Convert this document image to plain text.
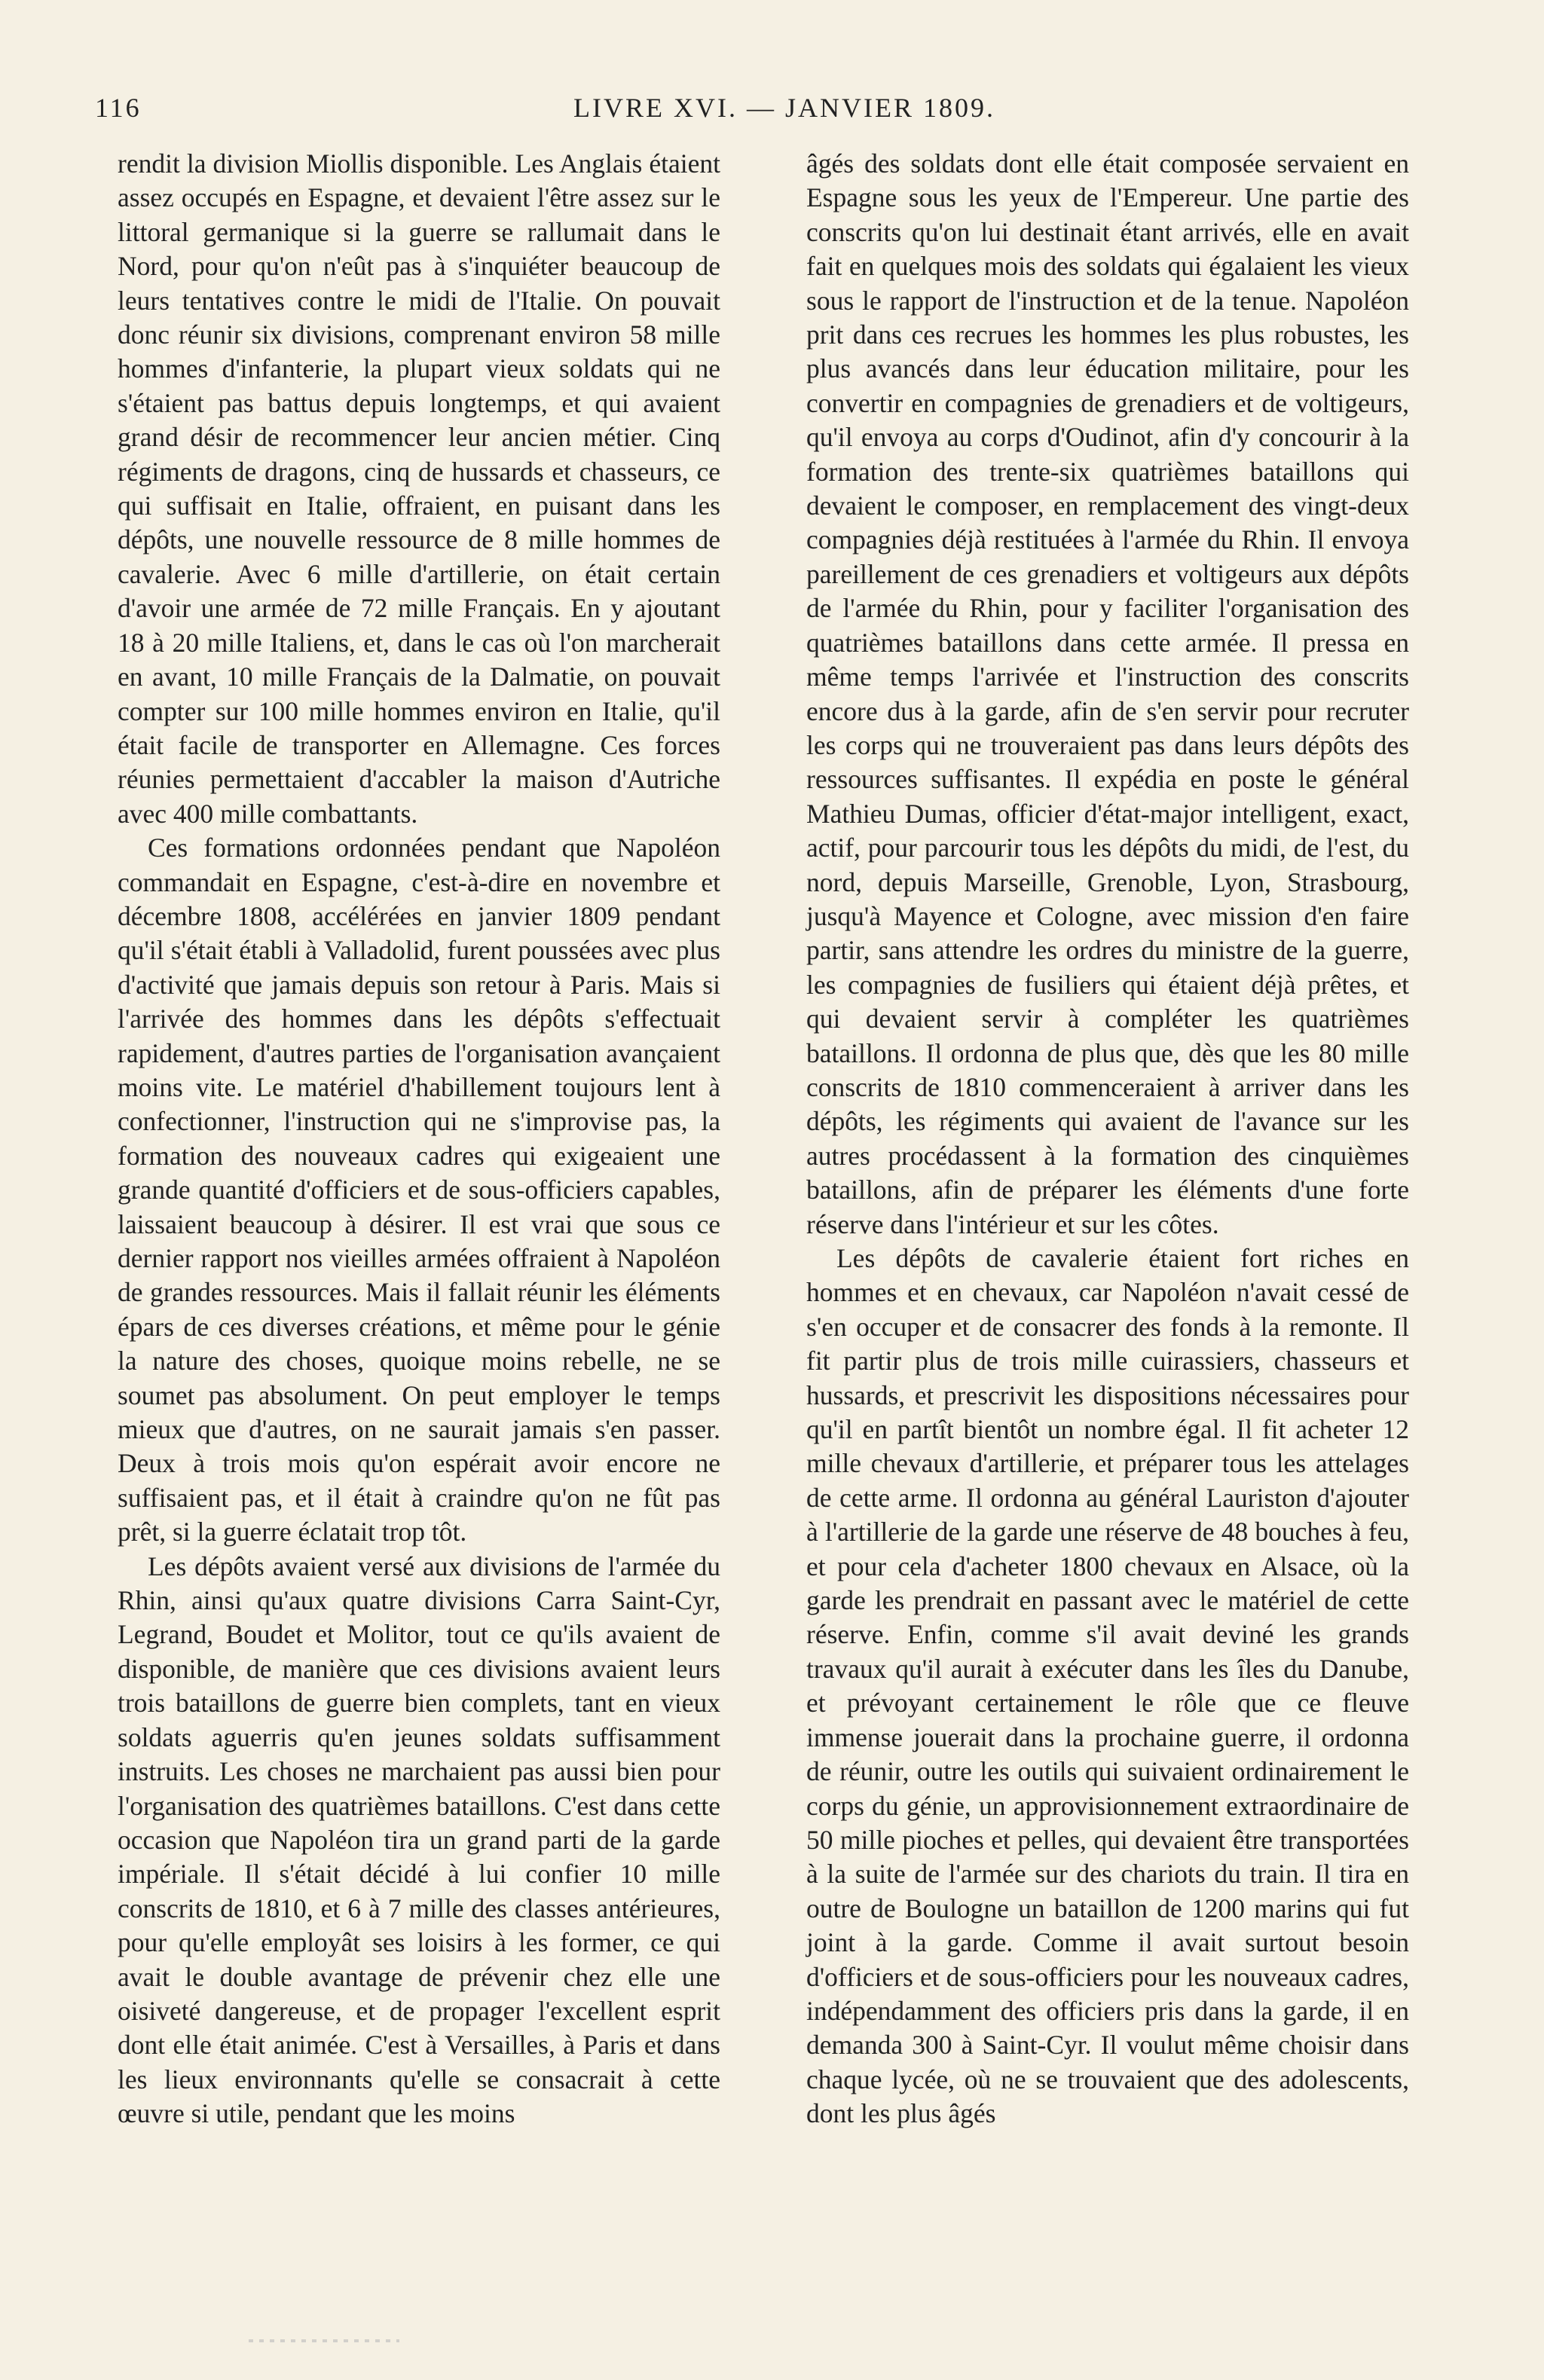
116	LIVRE XVI. — JANVIER 1809.

rendit la division Miollis disponible. Les Anglais étaient assez occupés en Espagne, et devaient l'être assez sur le littoral germanique si la guerre se rallumait dans le Nord, pour qu'on n'eût pas à s'inquiéter beaucoup de leurs tentatives contre le midi de l'Italie. On pouvait donc réunir six divisions, comprenant environ 58 mille hommes d'infanterie, la plupart vieux soldats qui ne s'étaient pas battus depuis longtemps, et qui avaient grand désir de recommencer leur ancien métier. Cinq régiments de dragons, cinq de hussards et chasseurs, ce qui suffisait en Italie, offraient, en puisant dans les dépôts, une nouvelle ressource de 8 mille hommes de cavalerie. Avec 6 mille d'artillerie, on était certain d'avoir une armée de 72 mille Français. En y ajoutant 18 à 20 mille Italiens, et, dans le cas où l'on marcherait en avant, 10 mille Français de la Dalmatie, on pouvait compter sur 100 mille hommes environ en Italie, qu'il était facile de transporter en Allemagne. Ces forces réunies permettaient d'accabler la maison d'Autriche avec 400 mille combattants.

Ces formations ordonnées pendant que Napoléon commandait en Espagne, c'est-à-dire en novembre et décembre 1808, accélérées en janvier 1809 pendant qu'il s'était établi à Valladolid, furent poussées avec plus d'activité que jamais depuis son retour à Paris. Mais si l'arrivée des hommes dans les dépôts s'effectuait rapidement, d'autres parties de l'organisation avançaient moins vite. Le matériel d'habillement toujours lent à confectionner, l'instruction qui ne s'improvise pas, la formation des nouveaux cadres qui exigeaient une grande quantité d'officiers et de sous-officiers capables, laissaient beaucoup à désirer. Il est vrai que sous ce dernier rapport nos vieilles armées offraient à Napoléon de grandes ressources. Mais il fallait réunir les éléments épars de ces diverses créations, et même pour le génie la nature des choses, quoique moins rebelle, ne se soumet pas absolument. On peut employer le temps mieux que d'autres, on ne saurait jamais s'en passer. Deux à trois mois qu'on espérait avoir encore ne suffisaient pas, et il était à craindre qu'on ne fût pas prêt, si la guerre éclatait trop tôt.

Les dépôts avaient versé aux divisions de l'armée du Rhin, ainsi qu'aux quatre divisions Carra Saint-Cyr, Legrand, Boudet et Molitor, tout ce qu'ils avaient de disponible, de manière que ces divisions avaient leurs trois bataillons de guerre bien complets, tant en vieux soldats aguerris qu'en jeunes soldats suffisamment instruits. Les choses ne marchaient pas aussi bien pour l'organisation des quatrièmes bataillons. C'est dans cette occasion que Napoléon tira un grand parti de la garde impériale. Il s'était décidé à lui confier 10 mille conscrits de 1810, et 6 à 7 mille des classes antérieures, pour qu'elle employât ses loisirs à les former, ce qui avait le double avantage de prévenir chez elle une oisiveté dangereuse, et de propager l'excellent esprit dont elle était animée. C'est à Versailles, à Paris et dans les lieux environnants qu'elle se consacrait à cette œuvre si utile, pendant que les moins

âgés des soldats dont elle était composée servaient en Espagne sous les yeux de l'Empereur. Une partie des conscrits qu'on lui destinait étant arrivés, elle en avait fait en quelques mois des soldats qui égalaient les vieux sous le rapport de l'instruction et de la tenue. Napoléon prit dans ces recrues les hommes les plus robustes, les plus avancés dans leur éducation militaire, pour les convertir en compagnies de grenadiers et de voltigeurs, qu'il envoya au corps d'Oudinot, afin d'y concourir à la formation des trente-six quatrièmes bataillons qui devaient le composer, en remplacement des vingt-deux compagnies déjà restituées à l'armée du Rhin. Il envoya pareillement de ces grenadiers et voltigeurs aux dépôts de l'armée du Rhin, pour y faciliter l'organisation des quatrièmes bataillons dans cette armée. Il pressa en même temps l'arrivée et l'instruction des conscrits encore dus à la garde, afin de s'en servir pour recruter les corps qui ne trouveraient pas dans leurs dépôts des ressources suffisantes. Il expédia en poste le général Mathieu Dumas, officier d'état-major intelligent, exact, actif, pour parcourir tous les dépôts du midi, de l'est, du nord, depuis Marseille, Grenoble, Lyon, Strasbourg, jusqu'à Mayence et Cologne, avec mission d'en faire partir, sans attendre les ordres du ministre de la guerre, les compagnies de fusiliers qui étaient déjà prêtes, et qui devaient servir à compléter les quatrièmes bataillons. Il ordonna de plus que, dès que les 80 mille conscrits de 1810 commenceraient à arriver dans les dépôts, les régiments qui avaient de l'avance sur les autres procédassent à la formation des cinquièmes bataillons, afin de préparer les éléments d'une forte réserve dans l'intérieur et sur les côtes.

Les dépôts de cavalerie étaient fort riches en hommes et en chevaux, car Napoléon n'avait cessé de s'en occuper et de consacrer des fonds à la remonte. Il fit partir plus de trois mille cuirassiers, chasseurs et hussards, et prescrivit les dispositions nécessaires pour qu'il en partît bientôt un nombre égal. Il fit acheter 12 mille chevaux d'artillerie, et préparer tous les attelages de cette arme. Il ordonna au général Lauriston d'ajouter à l'artillerie de la garde une réserve de 48 bouches à feu, et pour cela d'acheter 1800 chevaux en Alsace, où la garde les prendrait en passant avec le matériel de cette réserve. Enfin, comme s'il avait deviné les grands travaux qu'il aurait à exécuter dans les îles du Danube, et prévoyant certainement le rôle que ce fleuve immense jouerait dans la prochaine guerre, il ordonna de réunir, outre les outils qui suivaient ordinairement le corps du génie, un approvisionnement extraordinaire de 50 mille pioches et pelles, qui devaient être transportées à la suite de l'armée sur des chariots du train. Il tira en outre de Boulogne un bataillon de 1200 marins qui fut joint à la garde. Comme il avait surtout besoin d'officiers et de sous-officiers pour les nouveaux cadres, indépendamment des officiers pris dans la garde, il en demanda 300 à Saint-Cyr. Il voulut même choisir dans chaque lycée, où ne se trouvaient que des adolescents, dont les plus âgés
